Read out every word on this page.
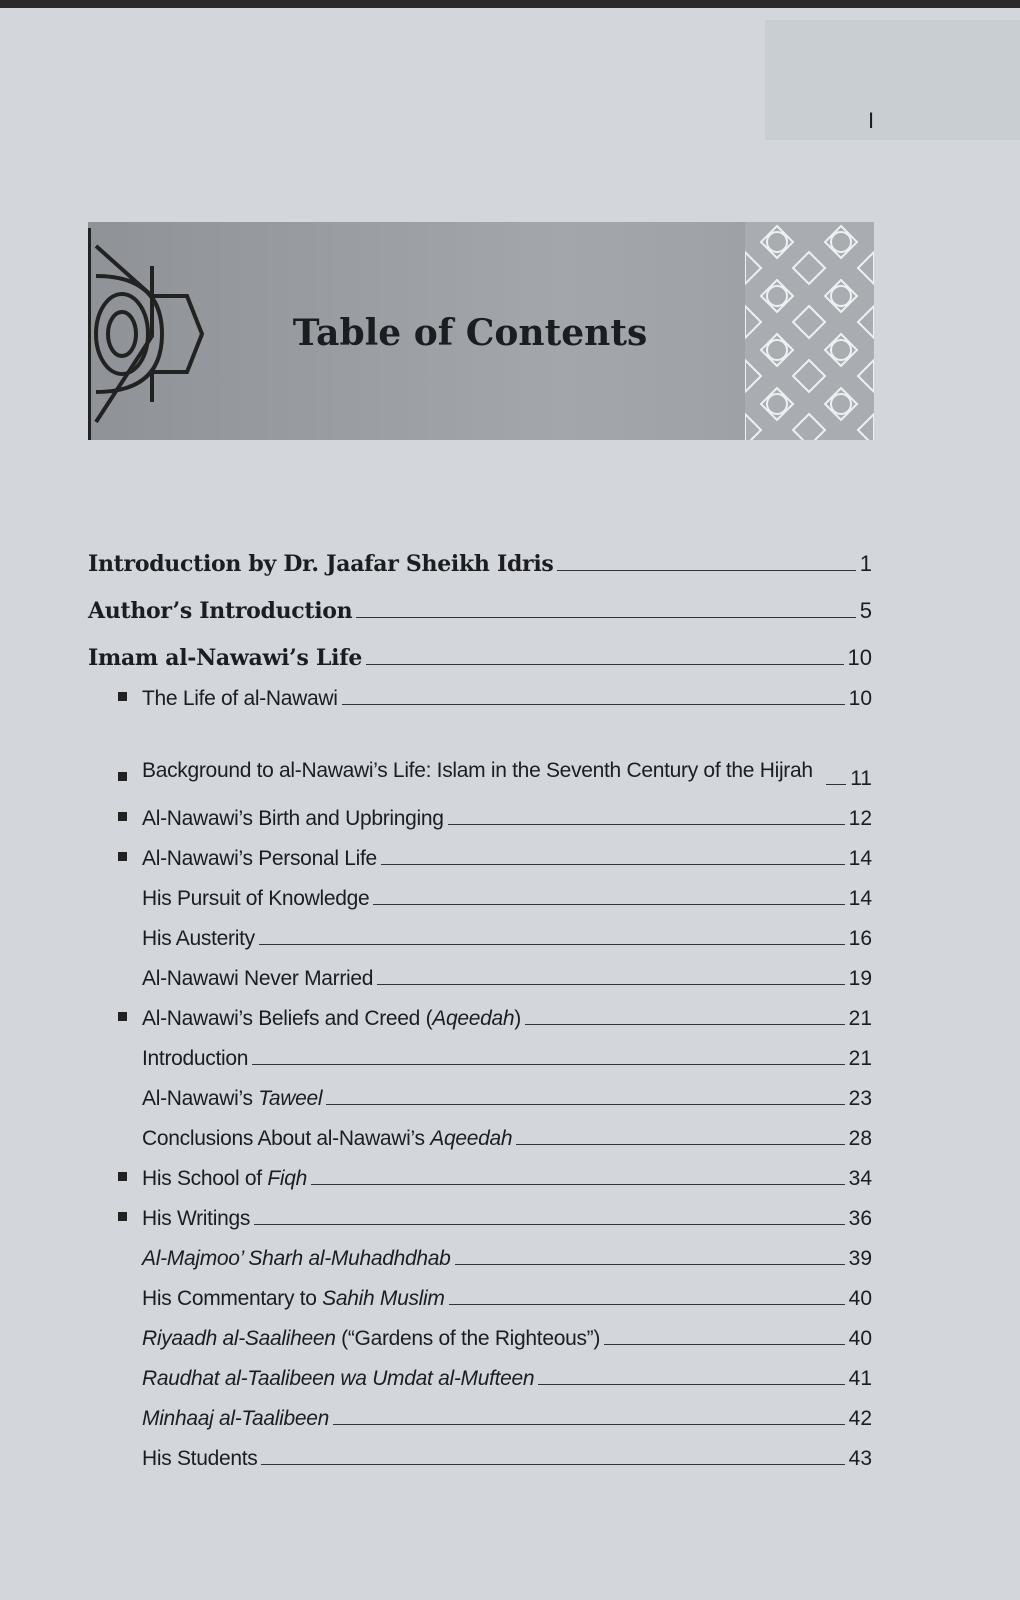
I
Table of Contents
Introduction by Dr. Jaafar Sheikh Idris	1
Author’s Introduction	5
Imam al-Nawawi’s Life	10
The Life of al-Nawawi	10
Background to al-Nawawi’s Life: Islam in the Seventh Century of the Hijrah	11
Al-Nawawi’s Birth and Upbringing	12
Al-Nawawi’s Personal Life	14
His Pursuit of Knowledge	14
His Austerity	16
Al-Nawawi Never Married	19
Al-Nawawi’s Beliefs and Creed (Aqeedah)	21
Introduction	21
Al-Nawawi’s Taweel	23
Conclusions About al-Nawawi’s Aqeedah	28
His School of Fiqh	34
His Writings	36
Al-Majmoo’ Sharh al-Muhadhdhab	39
His Commentary to Sahih Muslim	40
Riyaadh al-Saaliheen (“Gardens of the Righteous”)	40
Raudhat al-Taalibeen wa Umdat al-Mufteen	41
Minhaaj al-Taalibeen	42
His Students	43
